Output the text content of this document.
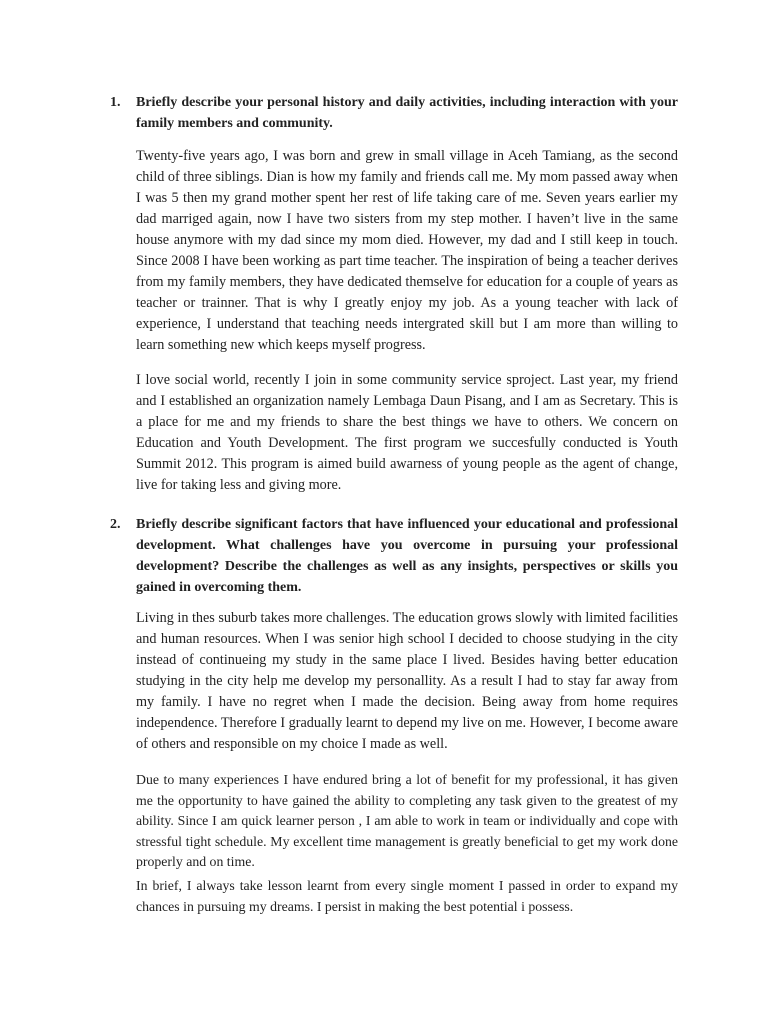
1. Briefly describe your personal history and daily activities, including interaction with your family members and community.

Twenty-five years ago, I was born and grew in small village in Aceh Tamiang, as the second child of three siblings. Dian is how my family and friends call me. My mom passed away when I was 5 then my grand mother spent her rest of life taking care of me. Seven years earlier my dad marriged again, now I have two sisters from my step mother. I haven’t live in the same house anymore with my dad since my mom died. However, my dad and I still keep in touch. Since 2008 I have been working as part time teacher. The inspiration of being a teacher derives from my family members, they have dedicated themselve for education for a couple of years as teacher or trainner. That is why I greatly enjoy my job. As a young teacher with lack of experience, I understand that teaching needs intergrated skill but I am more than willing to learn something new which keeps myself progress.

I love social world, recently I join in some community service sproject. Last year, my friend and I established an organization namely Lembaga Daun Pisang, and I am as Secretary. This is a place for me and my friends to share the best things we have to others. We concern on Education and Youth Development. The first program we succesfully conducted is Youth Summit 2012. This program is aimed build awarness of young people as the agent of change, live for taking less and giving more.

2. Briefly describe significant factors that have influenced your educational and professional development. What challenges have you overcome in pursuing your professional development? Describe the challenges as well as any insights, perspectives or skills you gained in overcoming them.

Living in thes suburb takes more challenges. The education grows slowly with limited facilities and human resources. When I was senior high school I decided to choose studying in the city instead of continueing my study in the same place I lived. Besides having better education studying in the city help me develop my personallity. As a result I had to stay far away from my family. I have no regret when I made the decision. Being away from home requires independence. Therefore I gradually learnt to depend my live on me. However, I become aware of others and responsible on my choice I made as well.

Due to many experiences I have endured bring a lot of benefit for my professional, it has given me the opportunity to have gained the ability to completing any task given to the greatest of my ability. Since I am quick learner person , I am able to work in team or individually and cope with stressful tight schedule. My excellent time management is greatly beneficial to get my work done properly and on time.

In brief, I always take lesson learnt from every single moment I passed in order to expand my chances in pursuing my dreams. I persist in making the best potential i possess.
